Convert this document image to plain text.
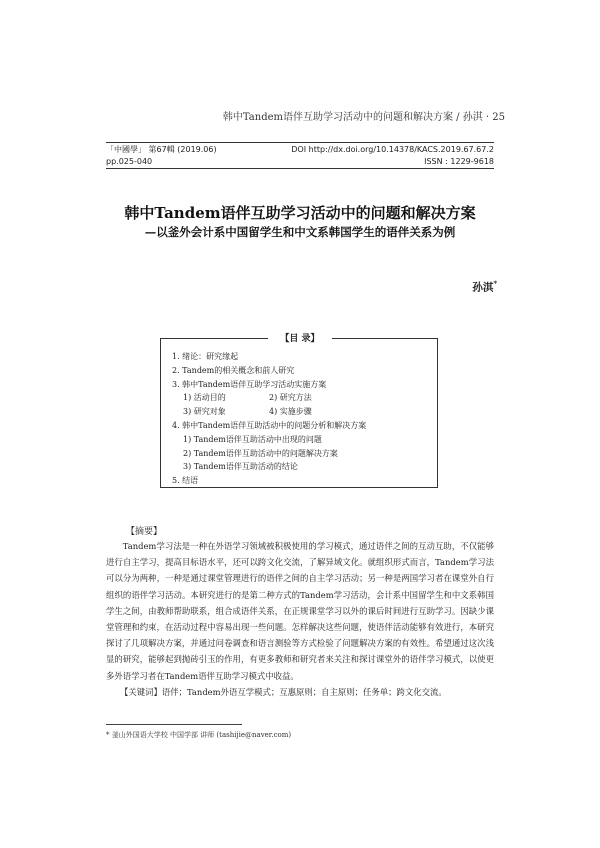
韩中Tandem语伴互助学习活动中的问题和解决方案 / 孙淇 · 25
「中國學」 第67輯 (2019.06)
pp.025-040
DOI http://dx.doi.org/10.14378/KACS.2019.67.67.2
ISSN : 1229-9618
韩中Tandem语伴互助学习活动中的问题和解决方案
—以釜外会计系中国留学生和中文系韩国学生的语伴关系为例
孙淇*
【目 录】
1. 绪论：研究缘起
2. Tandem的相关概念和前人研究
3. 韩中Tandem语伴互助学习活动实施方案
1) 活动目的	2) 研究方法
3) 研究对象	4) 实施步骤
4. 韩中Tandem语伴互助活动中的问题分析和解决方案
1) Tandem语伴互助活动中出现的问题
2) Tandem语伴互助活动中的问题解决方案
3) Tandem语伴互助活动的结论
5. 结语
【摘要】
Tandem学习法是一种在外语学习领域被积极使用的学习模式，通过语伴之间的互动互助，不仅能够进行自主学习，提高目标语水平，还可以跨文化交流，了解异域文化。就组织形式而言，Tandem学习法可以分为两种，一种是通过课堂管理进行的语伴之间的自主学习活动；另一种是两国学习者在课堂外自行组织的语伴学习活动。本研究进行的是第二种方式的Tandem学习活动，会计系中国留学生和中文系韩国学生之间，由教师帮助联系，组合成语伴关系，在正规课堂学习以外的课后时间进行互助学习。因缺少课堂管理和约束，在活动过程中容易出现一些问题。怎样解决这些问题，使语伴活动能够有效进行，本研究探讨了几项解决方案，并通过问卷调查和语言测验等方式检验了问题解决方案的有效性。希望通过这次浅显的研究，能够起到抛砖引玉的作用，有更多教师和研究者来关注和探讨课堂外的语伴学习模式，以使更多外语学习者在Tandem语伴互助学习模式中收益。
【关键词】语伴；Tandem外语互学模式；互惠原则；自主原则；任务单；跨文化交流。
* 釜山外国语大学校 中国学部 讲师 (tashijie@naver.com)
